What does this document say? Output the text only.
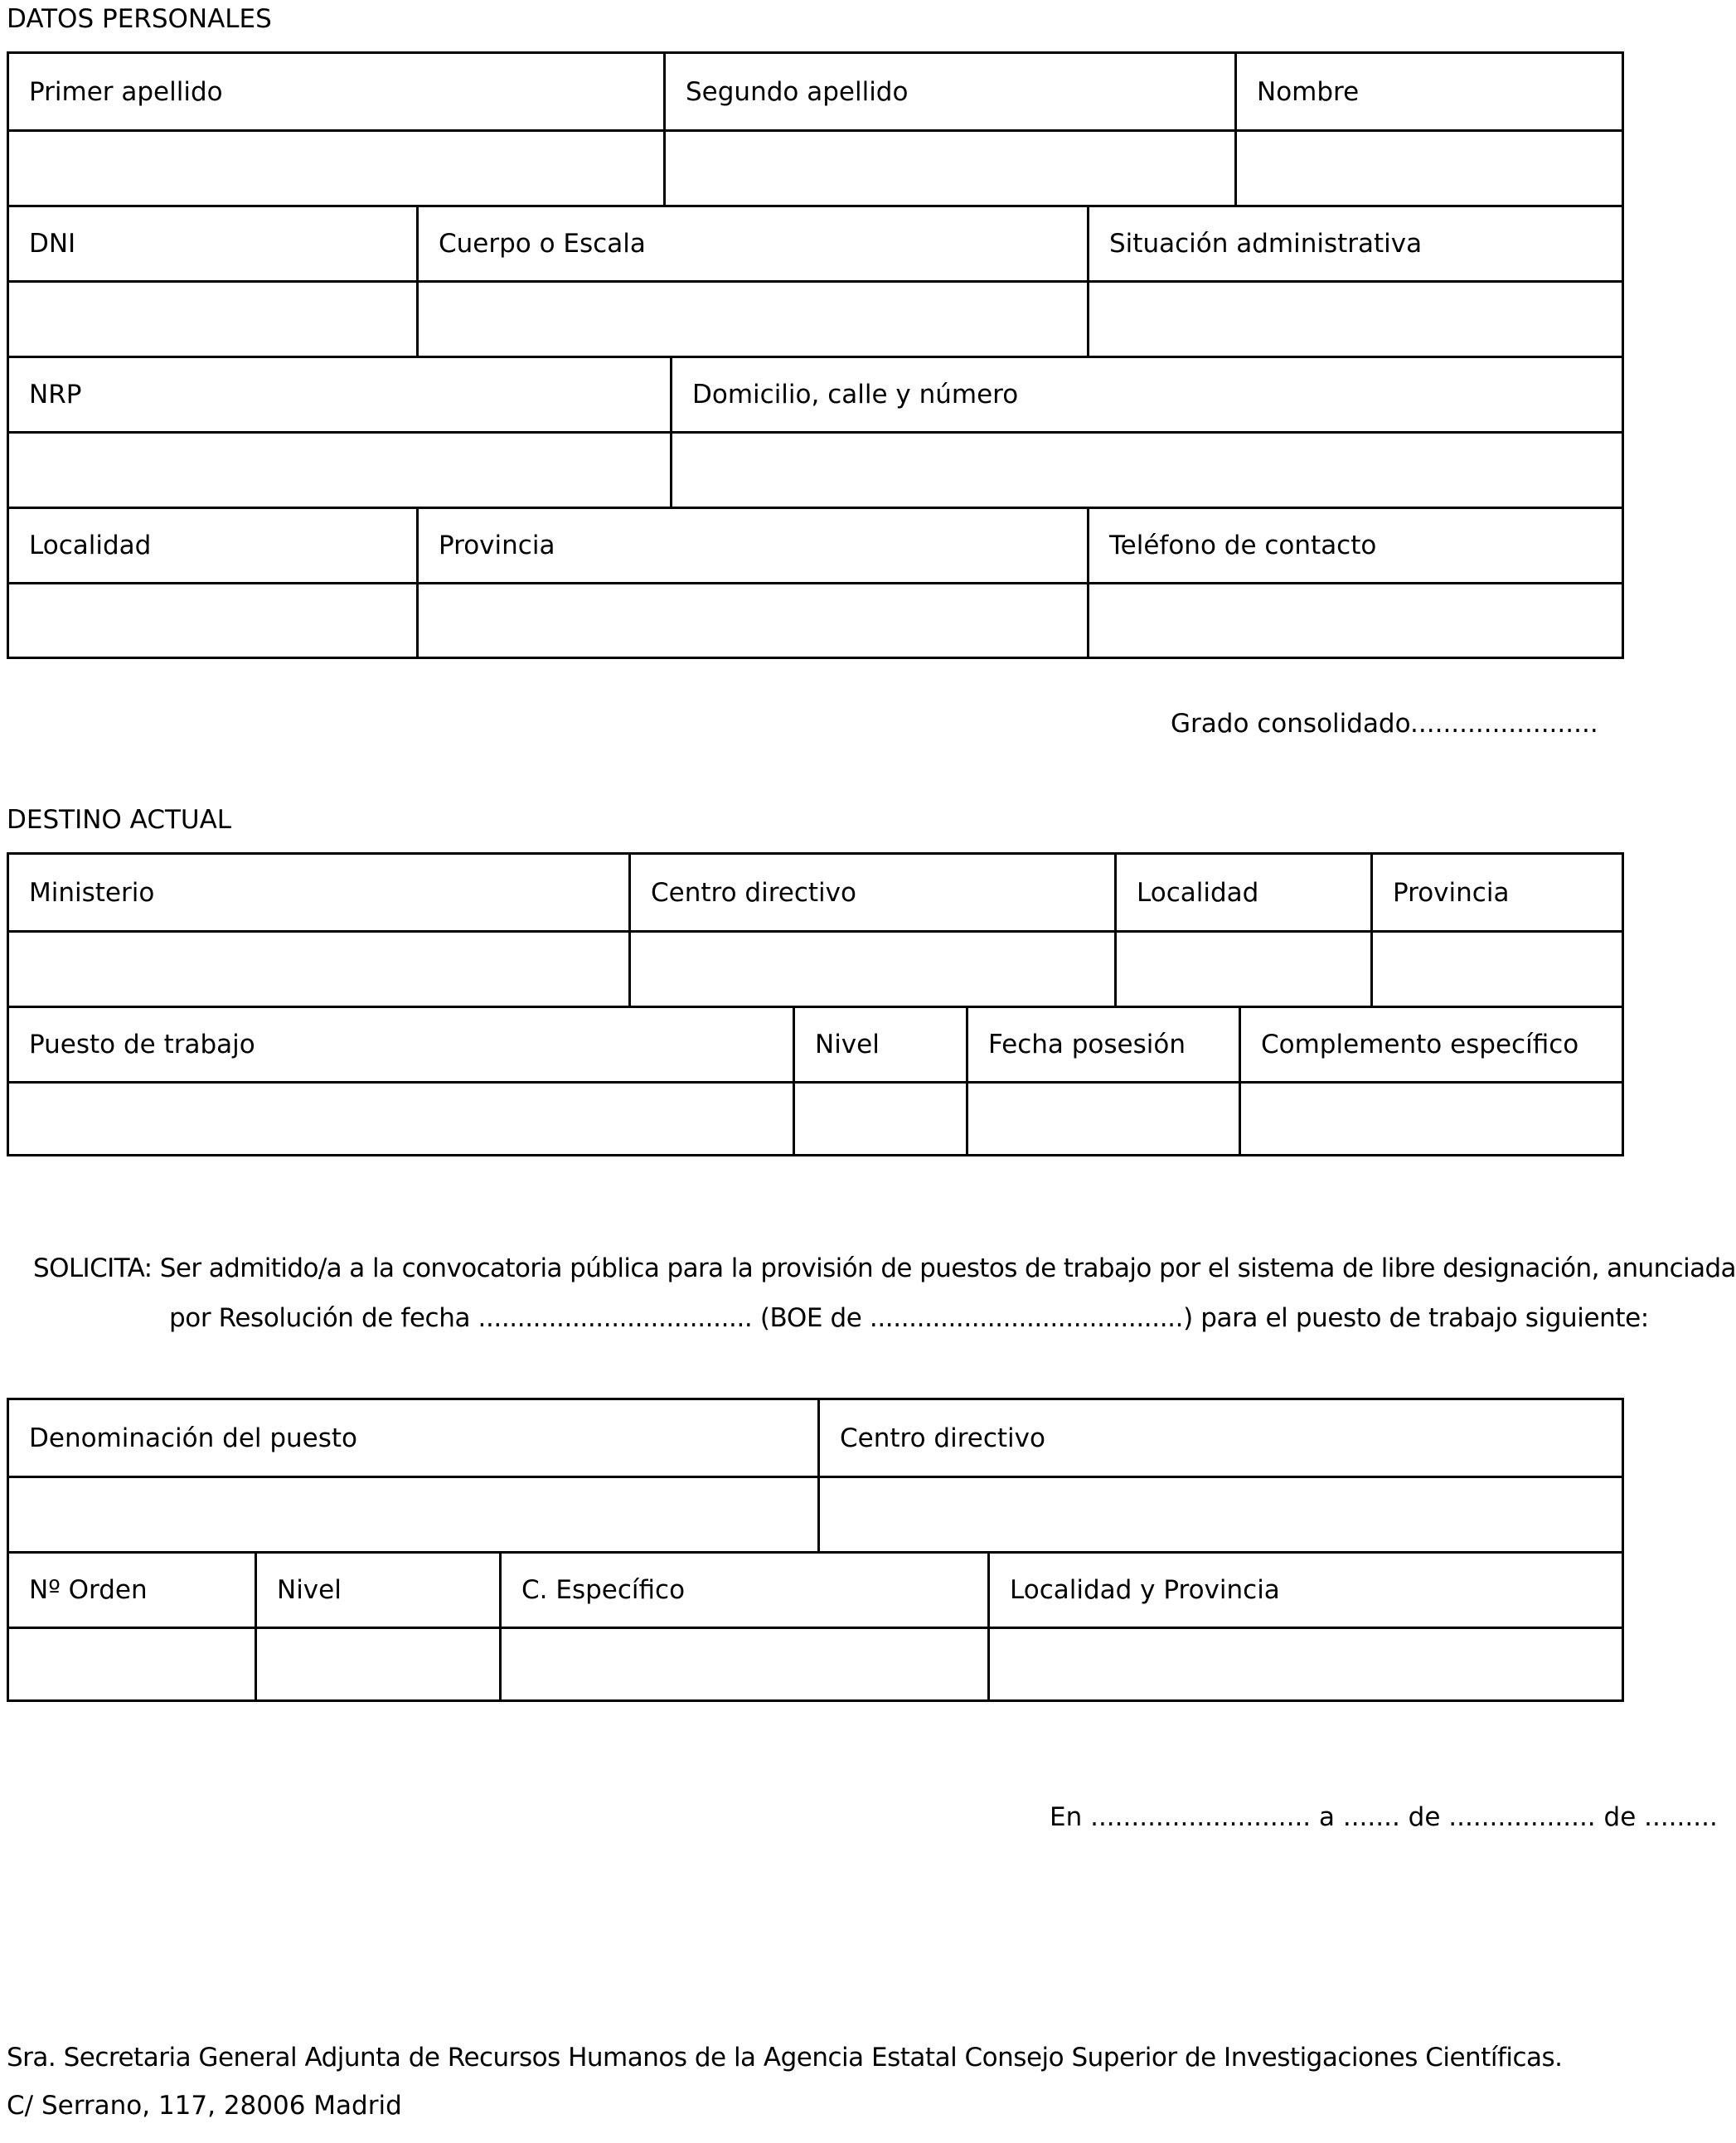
DATOS PERSONALES
Primer apellido	Segundo apellido	Nombre
DNI	Cuerpo o Escala	Situación administrativa
NRP	Domicilio, calle y número
Localidad	Provincia	Teléfono de contacto
Grado consolidado.......................
DESTINO ACTUAL
Ministerio	Centro directivo	Localidad	Provincia
Puesto de trabajo	Nivel	Fecha posesión	Complemento específico
SOLICITA: Ser admitido/a a la convocatoria pública para la provisión de puestos de trabajo por el sistema de libre designación, anunciada
por Resolución de fecha ................................... (BOE de ........................................) para el puesto de trabajo siguiente:
Denominación del puesto	Centro directivo
Nº Orden	Nivel	C. Específico	Localidad y Provincia
En ........................... a ....... de .................. de .........
Sra. Secretaria General Adjunta de Recursos Humanos de la Agencia Estatal Consejo Superior de Investigaciones Científicas.
C/ Serrano, 117, 28006 Madrid
